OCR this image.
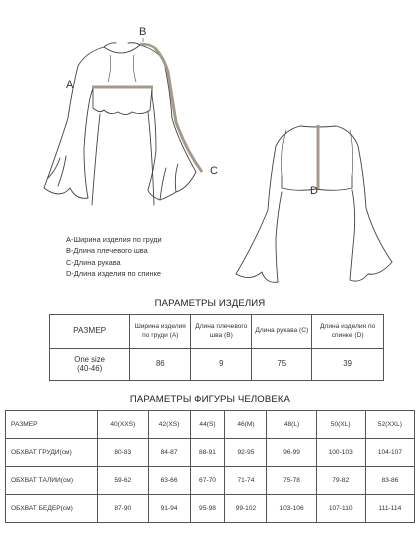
A
B
C
D
A-Ширина изделия по груди
B-Длина плечевого шва
C-Длина рукава
D-Длина изделия по спинке
ПАРАМЕТРЫ ИЗДЕЛИЯ
РАЗМЕР	Ширина изделия по груди (А)	Длина плечевого шва (В)	Длина рукава (С)	Длина изделия по спинке (D)

One size
(40-46)	86	9	75	39
ПАРАМЕТРЫ ФИГУРЫ ЧЕЛОВЕКА
РАЗМЕР	40(XXS)	42(XS)	44(S)	46(M)	48(L)	50(XL)	52(XXL)
ОБХВАТ ГРУДИ(см)	80-83	84-87	88-91	92-95	96-99	100-103	104-107
ОБХВАТ ТАЛИИ(см)	59-62	63-66	67-70	71-74	75-78	79-82	83-86
ОБХВАТ БЕДЕР(см)	87-90	91-94	95-98	99-102	103-106	107-110	111-114
